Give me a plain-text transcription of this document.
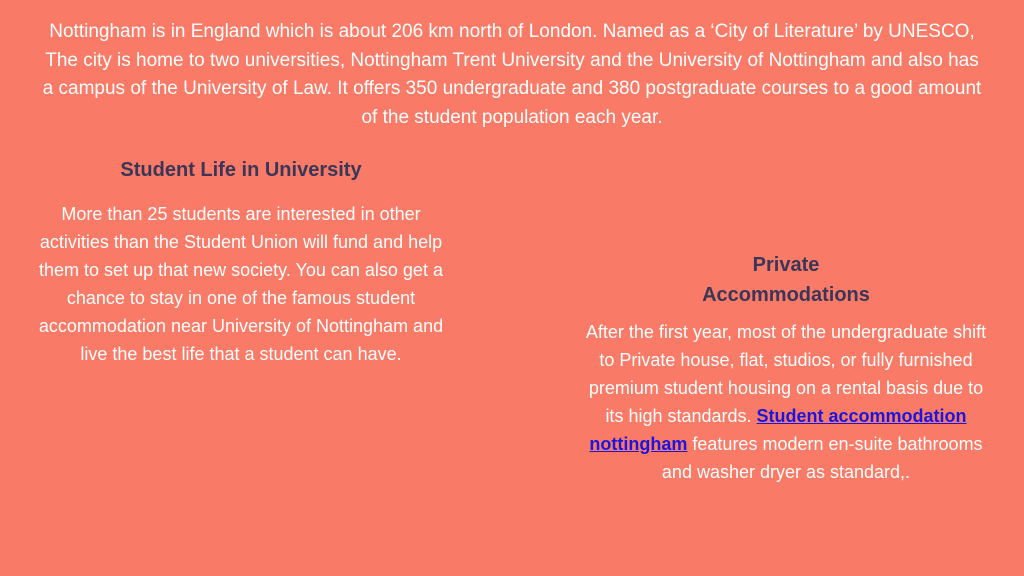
Nottingham is in England which is about 206 km north of London. Named as a ‘City of Literature’ by UNESCO, The city is home to two universities, Nottingham Trent University and the University of Nottingham and also has a campus of the University of Law. It offers 350 undergraduate and 380 postgraduate courses to a good amount of the student population each year.

Student Life in University

More than 25 students are interested in other activities than the Student Union will fund and help them to set up that new society. You can also get a chance to stay in one of the famous student accommodation near University of Nottingham and live the best life that a student can have.

Private
Accommodations

After the first year, most of the undergraduate shift to Private house, flat, studios, or fully furnished premium student housing on a rental basis due to its high standards. Student accommodation nottingham features modern en-suite bathrooms and washer dryer as standard,.
